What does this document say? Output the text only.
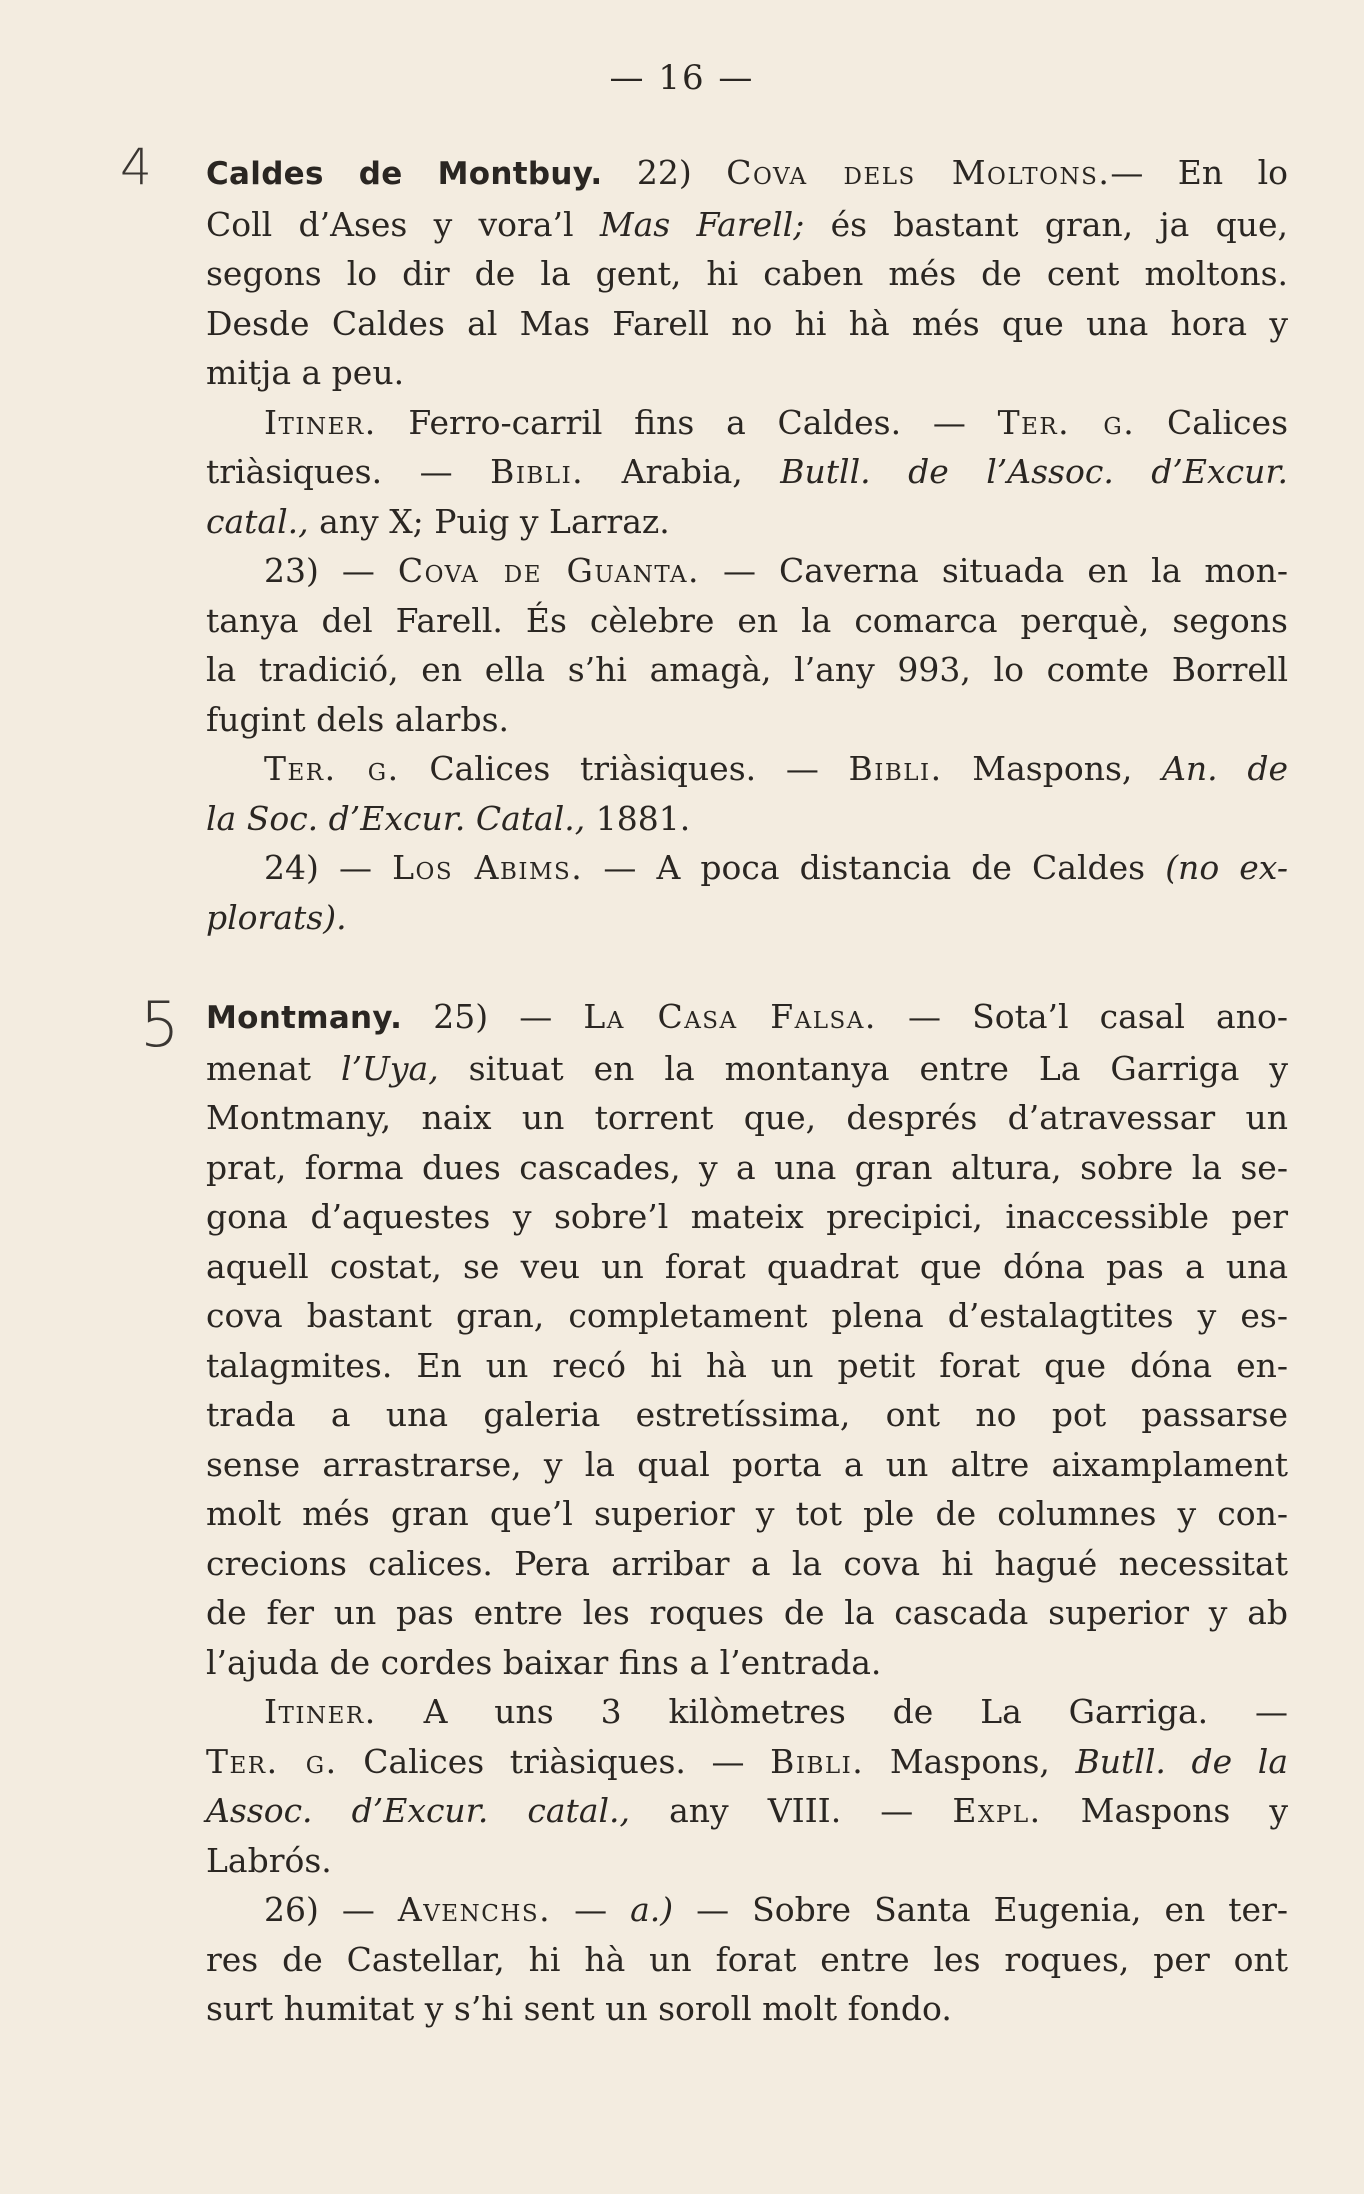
— 16 —
4
5
Caldes de Montbuy. 22) Cova dels Moltons.— En lo
Coll d’Ases y vora’l Mas Farell; és bastant gran, ja que,
segons lo dir de la gent, hi caben més de cent moltons.
Desde Caldes al Mas Farell no hi hà més que una hora y
mitja a peu.
Itiner. Ferro-carril fins a Caldes. — Ter. g. Calices
triàsiques. — Bibli. Arabia, Butll. de l’Assoc. d’Excur.
catal., any X; Puig y Larraz.
23) — Cova de Guanta. — Caverna situada en la mon-
tanya del Farell. És cèlebre en la comarca perquè, segons
la tradició, en ella s’hi amagà, l’any 993, lo comte Borrell
fugint dels alarbs.
Ter. g. Calices triàsiques. — Bibli. Maspons, An. de
la Soc. d’Excur. Catal., 1881.
24) — Los Abims. — A poca distancia de Caldes (no ex-
plorats).
Montmany. 25) — La Casa Falsa. — Sota’l casal ano-
menat l’Uya, situat en la montanya entre La Garriga y
Montmany, naix un torrent que, després d’atravessar un
prat, forma dues cascades, y a una gran altura, sobre la se-
gona d’aquestes y sobre’l mateix precipici, inaccessible per
aquell costat, se veu un forat quadrat que dóna pas a una
cova bastant gran, completament plena d’estalagtites y es-
talagmites. En un recó hi hà un petit forat que dóna en-
trada a una galeria estretíssima, ont no pot passarse
sense arrastrarse, y la qual porta a un altre aixamplament
molt més gran que’l superior y tot ple de columnes y con-
crecions calices. Pera arribar a la cova hi hagué necessitat
de fer un pas entre les roques de la cascada superior y ab
l’ajuda de cordes baixar fins a l’entrada.
Itiner. A uns 3 kilòmetres de La Garriga. —
Ter. g. Calices triàsiques. — Bibli. Maspons, Butll. de la
Assoc. d’Excur. catal., any VIII. — Expl. Maspons y
Labrós.
26) — Avenchs. — a.) — Sobre Santa Eugenia, en ter-
res de Castellar, hi hà un forat entre les roques, per ont
surt humitat y s’hi sent un soroll molt fondo.
